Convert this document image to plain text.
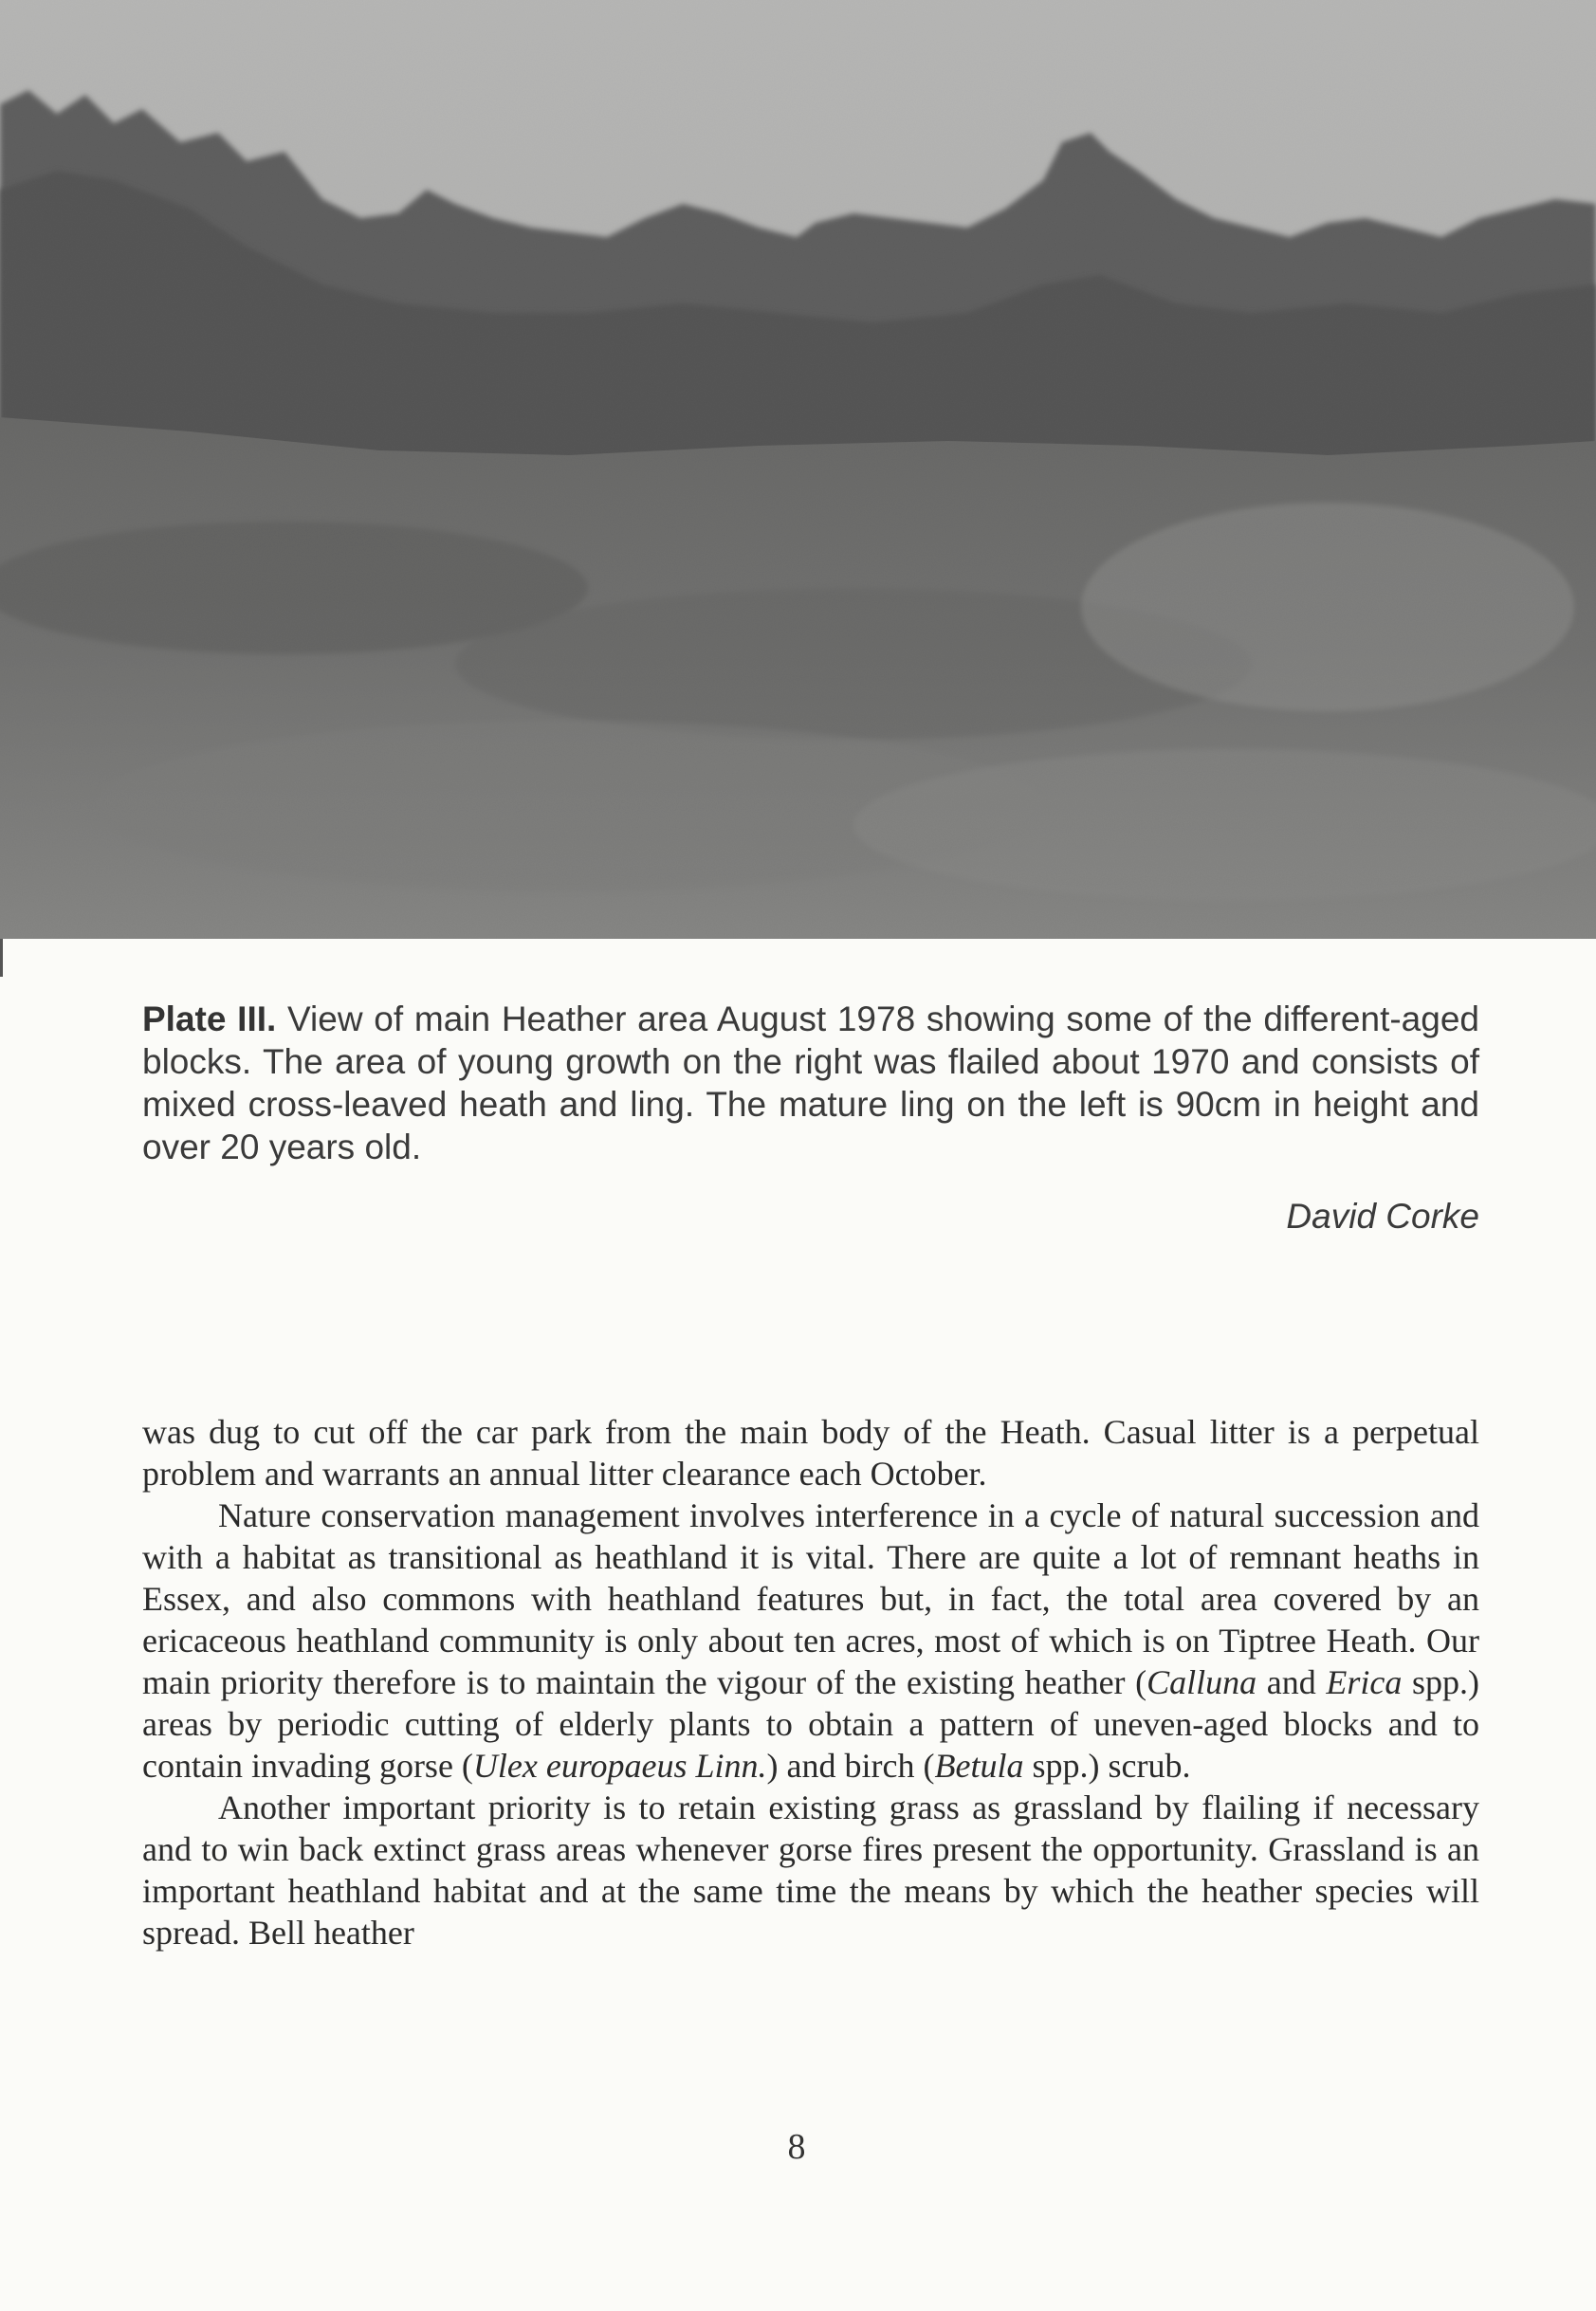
Plate III. View of main Heather area August 1978 showing some of the different-aged blocks. The area of young growth on the right was flailed about 1970 and consists of mixed cross-leaved heath and ling. The mature ling on the left is 90cm in height and over 20 years old.
David Corke

was dug to cut off the car park from the main body of the Heath. Casual litter is a perpetual problem and warrants an annual litter clearance each October.

Nature conservation management involves interference in a cycle of natural succession and with a habitat as transitional as heathland it is vital. There are quite a lot of remnant heaths in Essex, and also commons with heathland features but, in fact, the total area covered by an ericaceous heathland community is only about ten acres, most of which is on Tiptree Heath. Our main priority therefore is to maintain the vigour of the existing heather (Calluna and Erica spp.) areas by periodic cutting of elderly plants to obtain a pattern of uneven-aged blocks and to contain invading gorse (Ulex europaeus Linn.) and birch (Betula spp.) scrub.

Another important priority is to retain existing grass as grassland by flailing if necessary and to win back extinct grass areas whenever gorse fires present the opportunity. Grassland is an important heathland habitat and at the same time the means by which the heather species will spread. Bell heather

8
